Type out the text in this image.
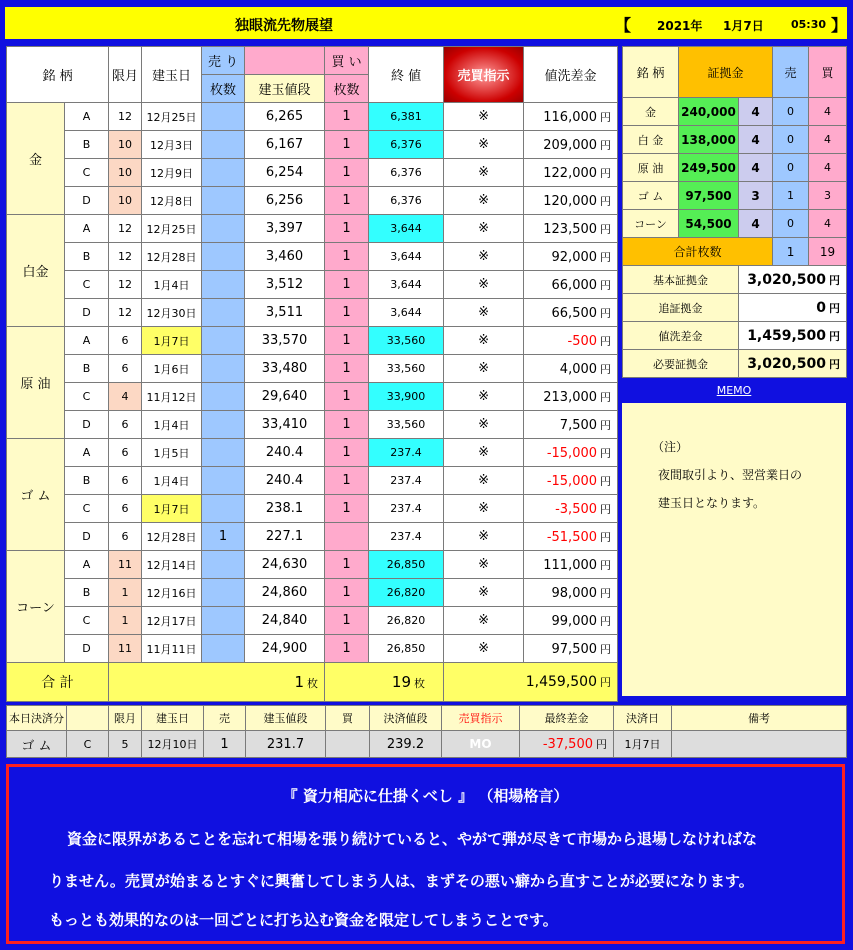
独眼流先物展望	【 2021年 1月7日 05:30 】
銘 柄		限月	建玉日	売 り		買 い	終 値	売買指示	値洗差金
				枚数	建玉値段	枚数			
金	A	12	12月25日		6,265	1	6,381	※	116,000 円
	B	10	12月3日		6,167	1	6,376	※	209,000 円
	C	10	12月9日		6,254	1	6,376	※	122,000 円
	D	10	12月8日		6,256	1	6,376	※	120,000 円
白金	A	12	12月25日		3,397	1	3,644	※	123,500 円
	B	12	12月28日		3,460	1	3,644	※	92,000 円
	C	12	1月4日		3,512	1	3,644	※	66,000 円
	D	12	12月30日		3,511	1	3,644	※	66,500 円
原 油	A	6	1月7日		33,570	1	33,560	※	-500 円
	B	6	1月6日		33,480	1	33,560	※	4,000 円
	C	4	11月12日		29,640	1	33,900	※	213,000 円
	D	6	1月4日		33,410	1	33,560	※	7,500 円
ゴ ム	A	6	1月5日		240.4	1	237.4	※	-15,000 円
	B	6	1月4日		240.4	1	237.4	※	-15,000 円
	C	6	1月7日		238.1	1	237.4	※	-3,500 円
	D	6	12月28日	1	227.1		237.4	※	-51,500 円
コーン	A	11	12月14日		24,630	1	26,850	※	111,000 円
	B	1	12月16日		24,860	1	26,820	※	98,000 円
	C	1	12月17日		24,840	1	26,820	※	99,000 円
	D	11	11月11日		24,900	1	26,850	※	97,500 円
合 計		1 枚				19 枚		1,459,500 円	
銘 柄	証拠金		売	買
金	240,000	4	0	4
白 金	138,000	4	0	4
原 油	249,500	4	0	4
ゴ ム	97,500	3	1	3
コーン	54,500	4	0	4
合計枚数			1	19
基本証拠金		3,020,500 円		
追証拠金		0 円		
値洗差金		1,459,500 円		
必要証拠金		3,020,500 円		
MEMO
（注）
夜間取引より、翌営業日の
建玉日となります。
本日決済分		限月	建玉日	売	建玉値段	買	決済値段	売買指示	最終差金	決済日	備考
ゴ ム	C	5	12月10日	1	231.7		239.2	MO	-37,500 円	1月7日	
『 資力相応に仕掛くべし 』 （相場格言）
資金に限界があることを忘れて相場を張り続けていると、やがて弾が尽きて市場から退場しなければな
りません。売買が始まるとすぐに興奮してしまう人は、まずその悪い癖から直すことが必要になります。
もっとも効果的なのは一回ごとに打ち込む資金を限定してしまうことです。
